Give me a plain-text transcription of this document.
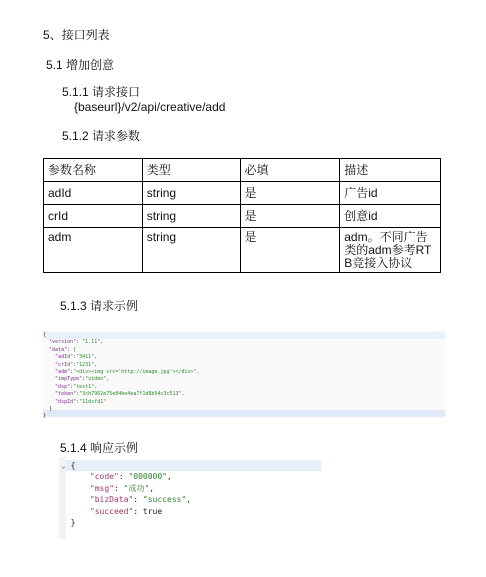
5、接口列表
5.1 增加创意
5.1.1 请求接口
{baseurl}/v2/api/creative/add
5.1.2 请求参数
参数名称	类型	必填	描述
adId	string	是	广告id
crId	string	是	创意id
adm	string	是	adm。不同广告类的adm参考RTB竞接入协议
5.1.3 请求示例
{
"version": "1.11",
"data": {
"adId":"3411",
"crId":"1231",
"adm":"<div><img src='http://image.jpg'></div>",
"impType":"video",
"dsp":"test1",
"token":"3cb7962e75e84be4ea7f1d8b54c3c513",
"dspId":"11dsfd1"
}
}
5.1.4 响应示例
⌄ {
"code": "000000",
"msg": "成功",
"bizData": "success",
"succeed": true
}
